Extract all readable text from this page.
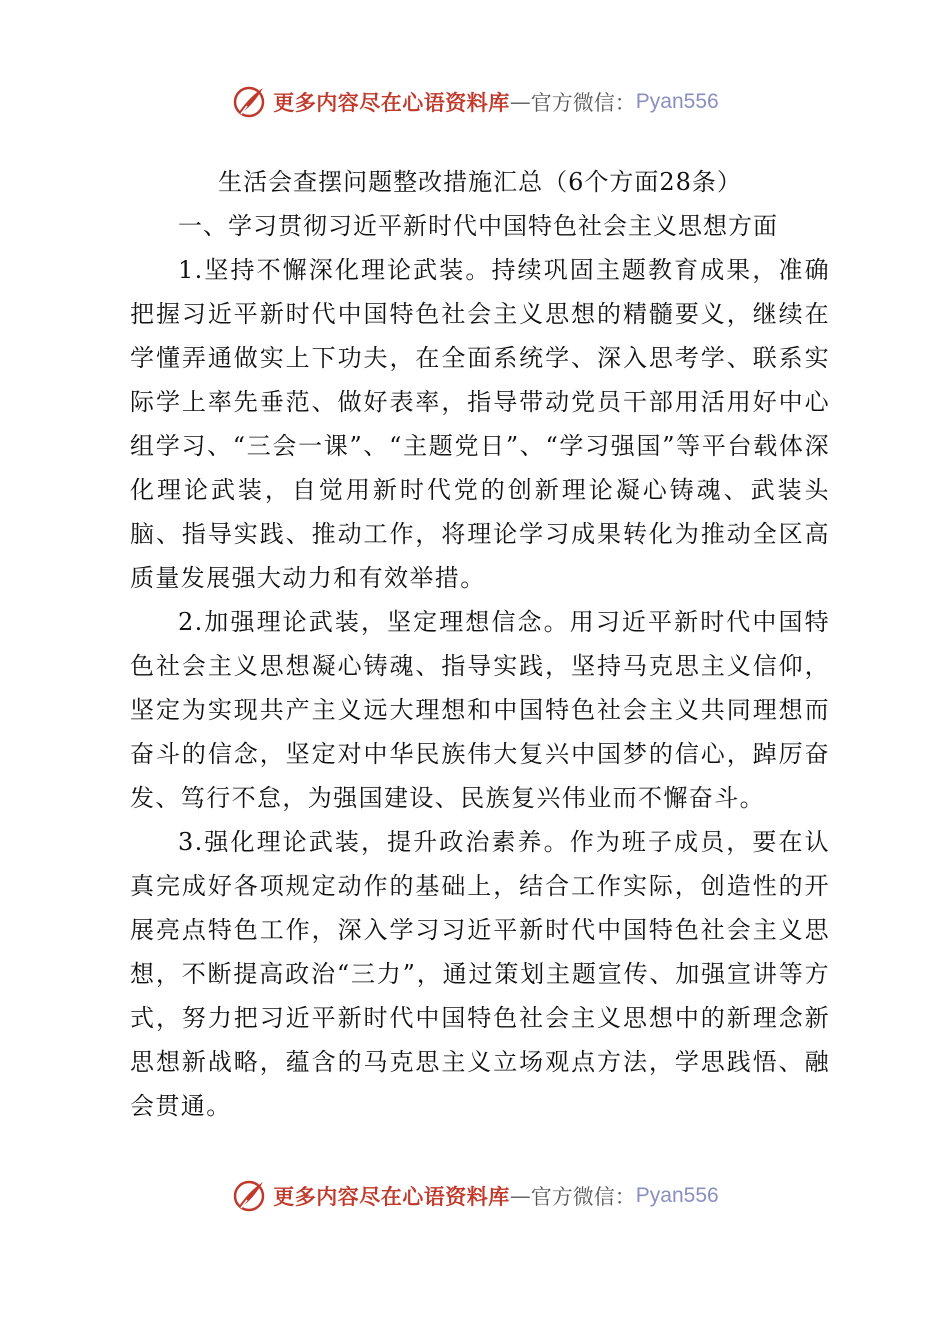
更多内容尽在心语资料库 — 官方微信： Pyan556
生活会查摆问题整改措施汇总（6个方面28条）
一、学习贯彻习近平新时代中国特色社会主义思想方面

1.坚持不懈深化理论武装。持续巩固主题教育成果，准确把握习近平新时代中国特色社会主义思想的精髓要义，继续在学懂弄通做实上下功夫，在全面系统学、深入思考学、联系实际学上率先垂范、做好表率，指导带动党员干部用活用好中心组学习、“三会一课”、“主题党日”、“学习强国”等平台载体深化理论武装，自觉用新时代党的创新理论凝心铸魂、武装头脑、指导实践、推动工作，将理论学习成果转化为推动全区高质量发展强大动力和有效举措。

2.加强理论武装，坚定理想信念。用习近平新时代中国特色社会主义思想凝心铸魂、指导实践，坚持马克思主义信仰，坚定为实现共产主义远大理想和中国特色社会主义共同理想而奋斗的信念，坚定对中华民族伟大复兴中国梦的信心，踔厉奋发、笃行不怠，为强国建设、民族复兴伟业而不懈奋斗。

3.强化理论武装，提升政治素养。作为班子成员，要在认真完成好各项规定动作的基础上，结合工作实际，创造性的开展亮点特色工作，深入学习习近平新时代中国特色社会主义思想，不断提高政治“三力”，通过策划主题宣传、加强宣讲等方式，努力把习近平新时代中国特色社会主义思想中的新理念新思想新战略，蕴含的马克思主义立场观点方法，学思践悟、融会贯通。

更多内容尽在心语资料库 — 官方微信： Pyan556
